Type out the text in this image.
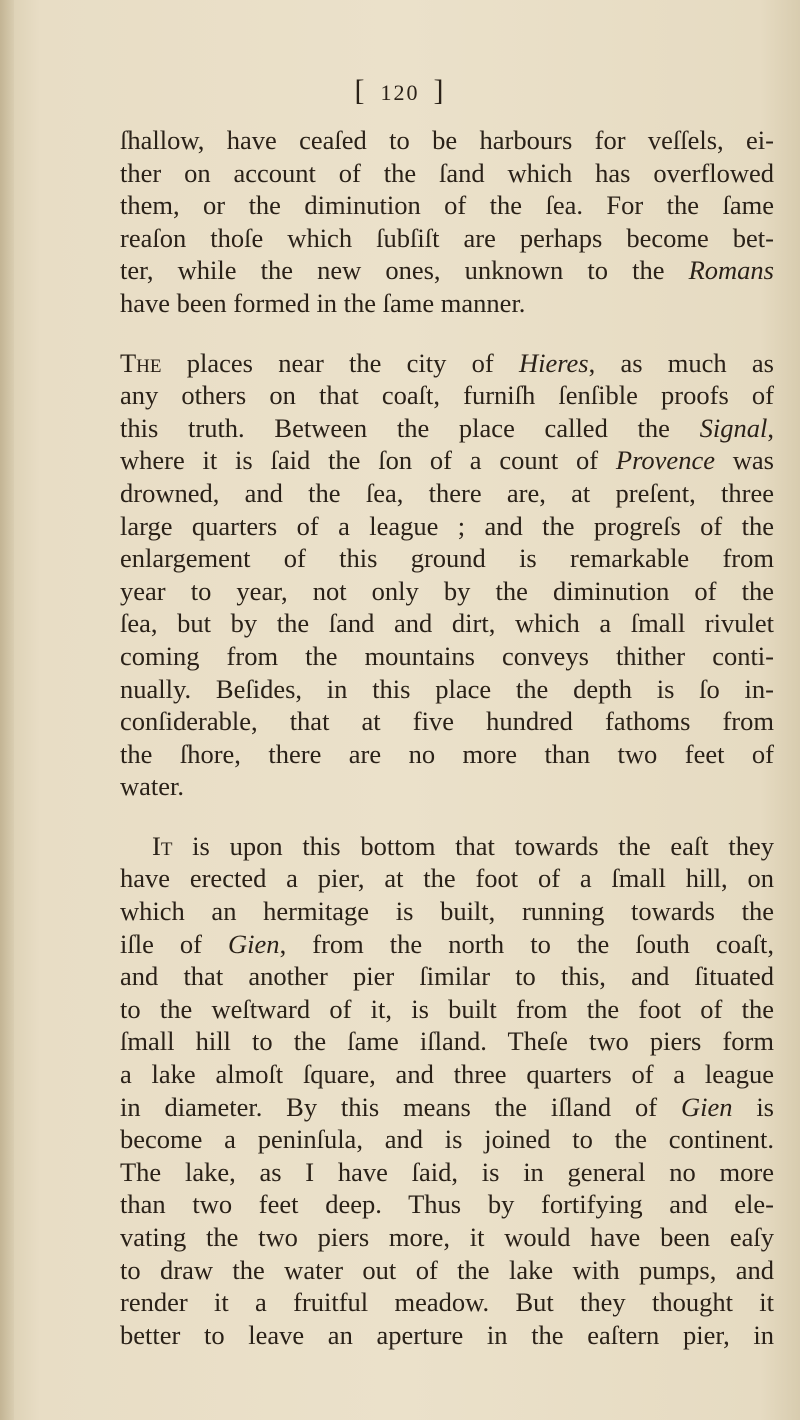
[ 120 ]
ſhallow, have ceaſed to be harbours for veſſels, ei-
ther on account of the ſand which has overflowed
them, or the diminution of the ſea. For the ſame
reaſon thoſe which ſubſiſt are perhaps become bet-
ter, while the new ones, unknown to the Romans
have been formed in the ſame manner.
The places near the city of Hieres, as much as
any others on that coaſt, furniſh ſenſible proofs of
this truth. Between the place called the Signal,
where it is ſaid the ſon of a count of Provence was
drowned, and the ſea, there are, at preſent, three
large quarters of a league ; and the progreſs of the
enlargement of this ground is remarkable from
year to year, not only by the diminution of the
ſea, but by the ſand and dirt, which a ſmall rivulet
coming from the mountains conveys thither conti-
nually. Beſides, in this place the depth is ſo in-
conſiderable, that at five hundred fathoms from
the ſhore, there are no more than two feet of
water.
It is upon this bottom that towards the eaſt they
have erected a pier, at the foot of a ſmall hill, on
which an hermitage is built, running towards the
iſle of Gien, from the north to the ſouth coaſt,
and that another pier ſimilar to this, and ſituated
to the weſtward of it, is built from the foot of the
ſmall hill to the ſame iſland. Theſe two piers form
a lake almoſt ſquare, and three quarters of a league
in diameter. By this means the iſland of Gien is
become a peninſula, and is joined to the continent.
The lake, as I have ſaid, is in general no more
than two feet deep. Thus by fortifying and ele-
vating the two piers more, it would have been eaſy
to draw the water out of the lake with pumps, and
render it a fruitful meadow. But they thought it
better to leave an aperture in the eaſtern pier, in
